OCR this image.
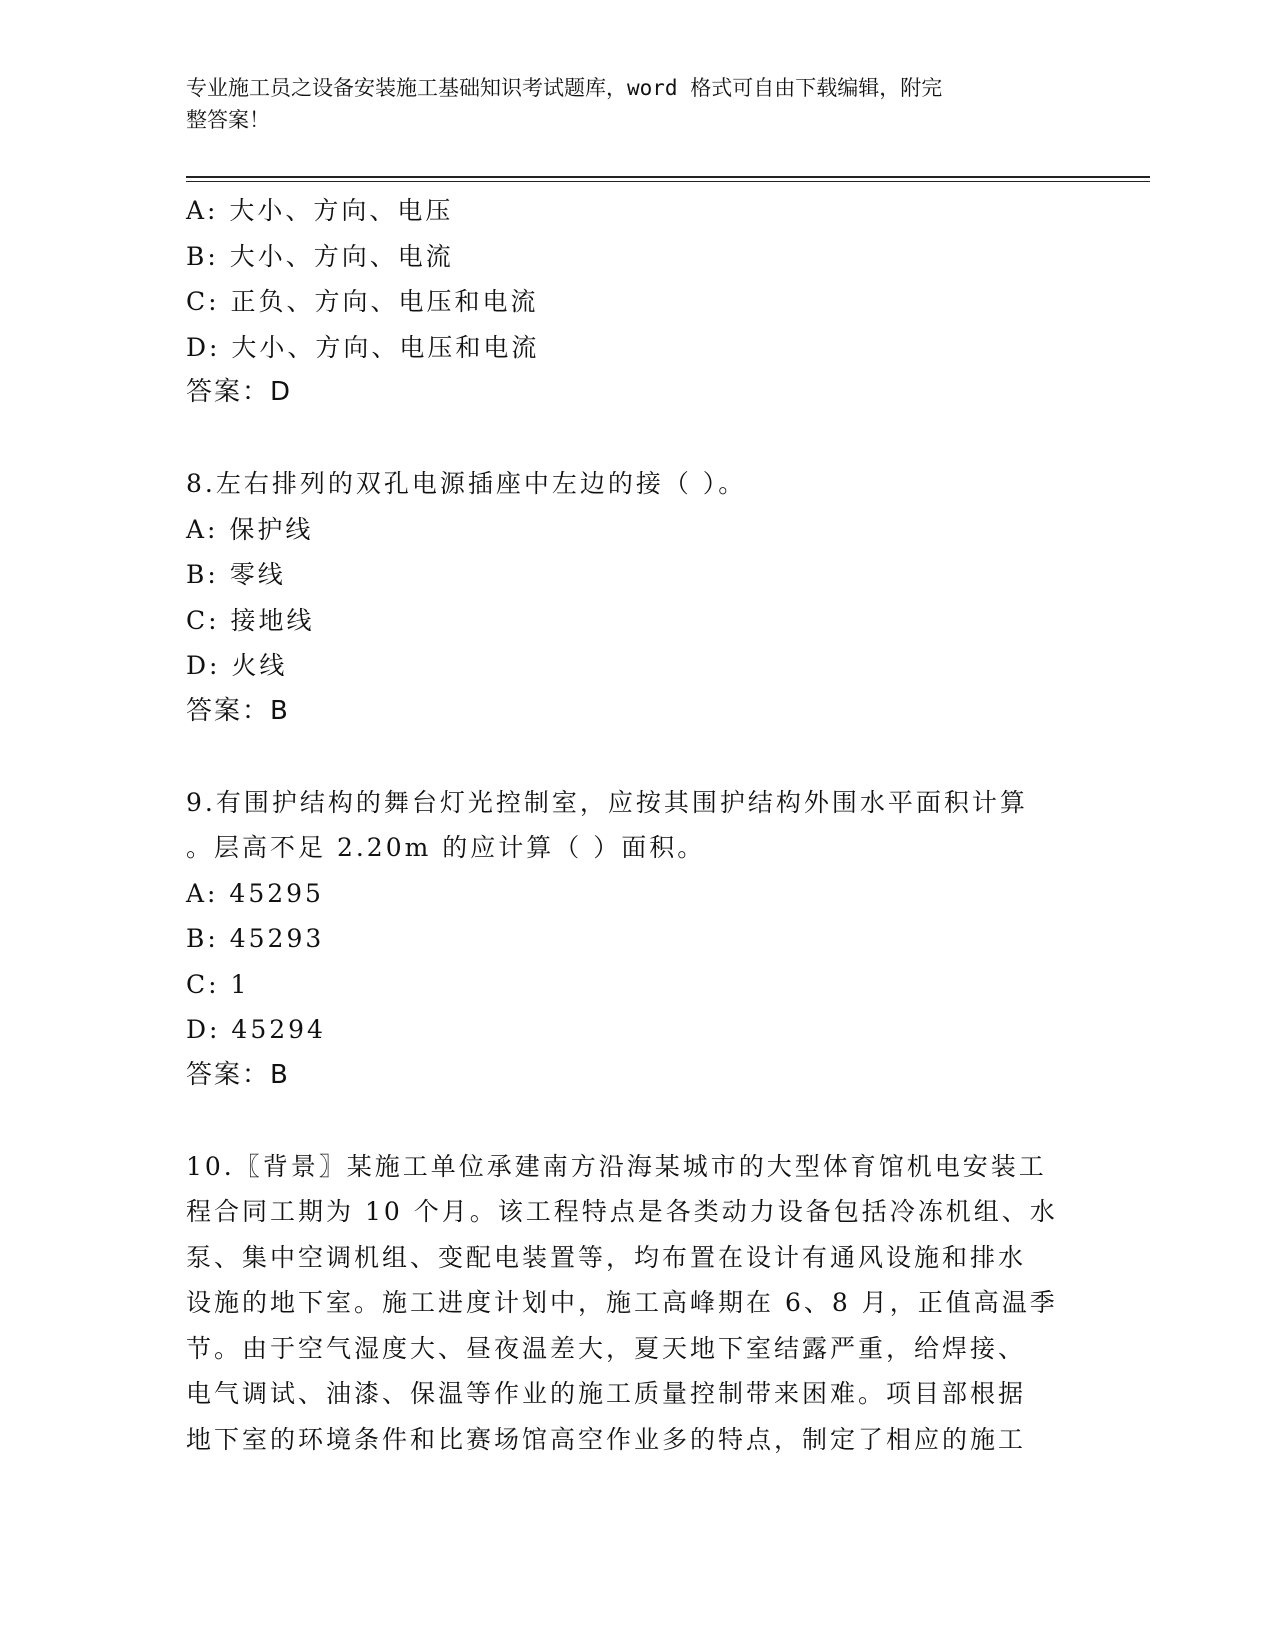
专业施工员之设备安装施工基础知识考试题库，word 格式可自由下载编辑，附完
整答案！
A: 大小、方向、电压
B: 大小、方向、电流
C: 正负、方向、电压和电流
D: 大小、方向、电压和电流
答案：D
8.左右排列的双孔电源插座中左边的接（ ）。
A: 保护线
B: 零线
C: 接地线
D: 火线
答案：B
9.有围护结构的舞台灯光控制室，应按其围护结构外围水平面积计算
。层高不足 2.20m 的应计算（ ）面积。
A: 45295
B: 45293
C: 1
D: 45294
答案：B
10.〖背景〗某施工单位承建南方沿海某城市的大型体育馆机电安装工
程合同工期为 10 个月。该工程特点是各类动力设备包括冷冻机组、水
泵、集中空调机组、变配电装置等，均布置在设计有通风设施和排水
设施的地下室。施工进度计划中，施工高峰期在 6、8 月，正值高温季
节。由于空气湿度大、昼夜温差大，夏天地下室结露严重，给焊接、
电气调试、油漆、保温等作业的施工质量控制带来困难。项目部根据
地下室的环境条件和比赛场馆高空作业多的特点，制定了相应的施工
